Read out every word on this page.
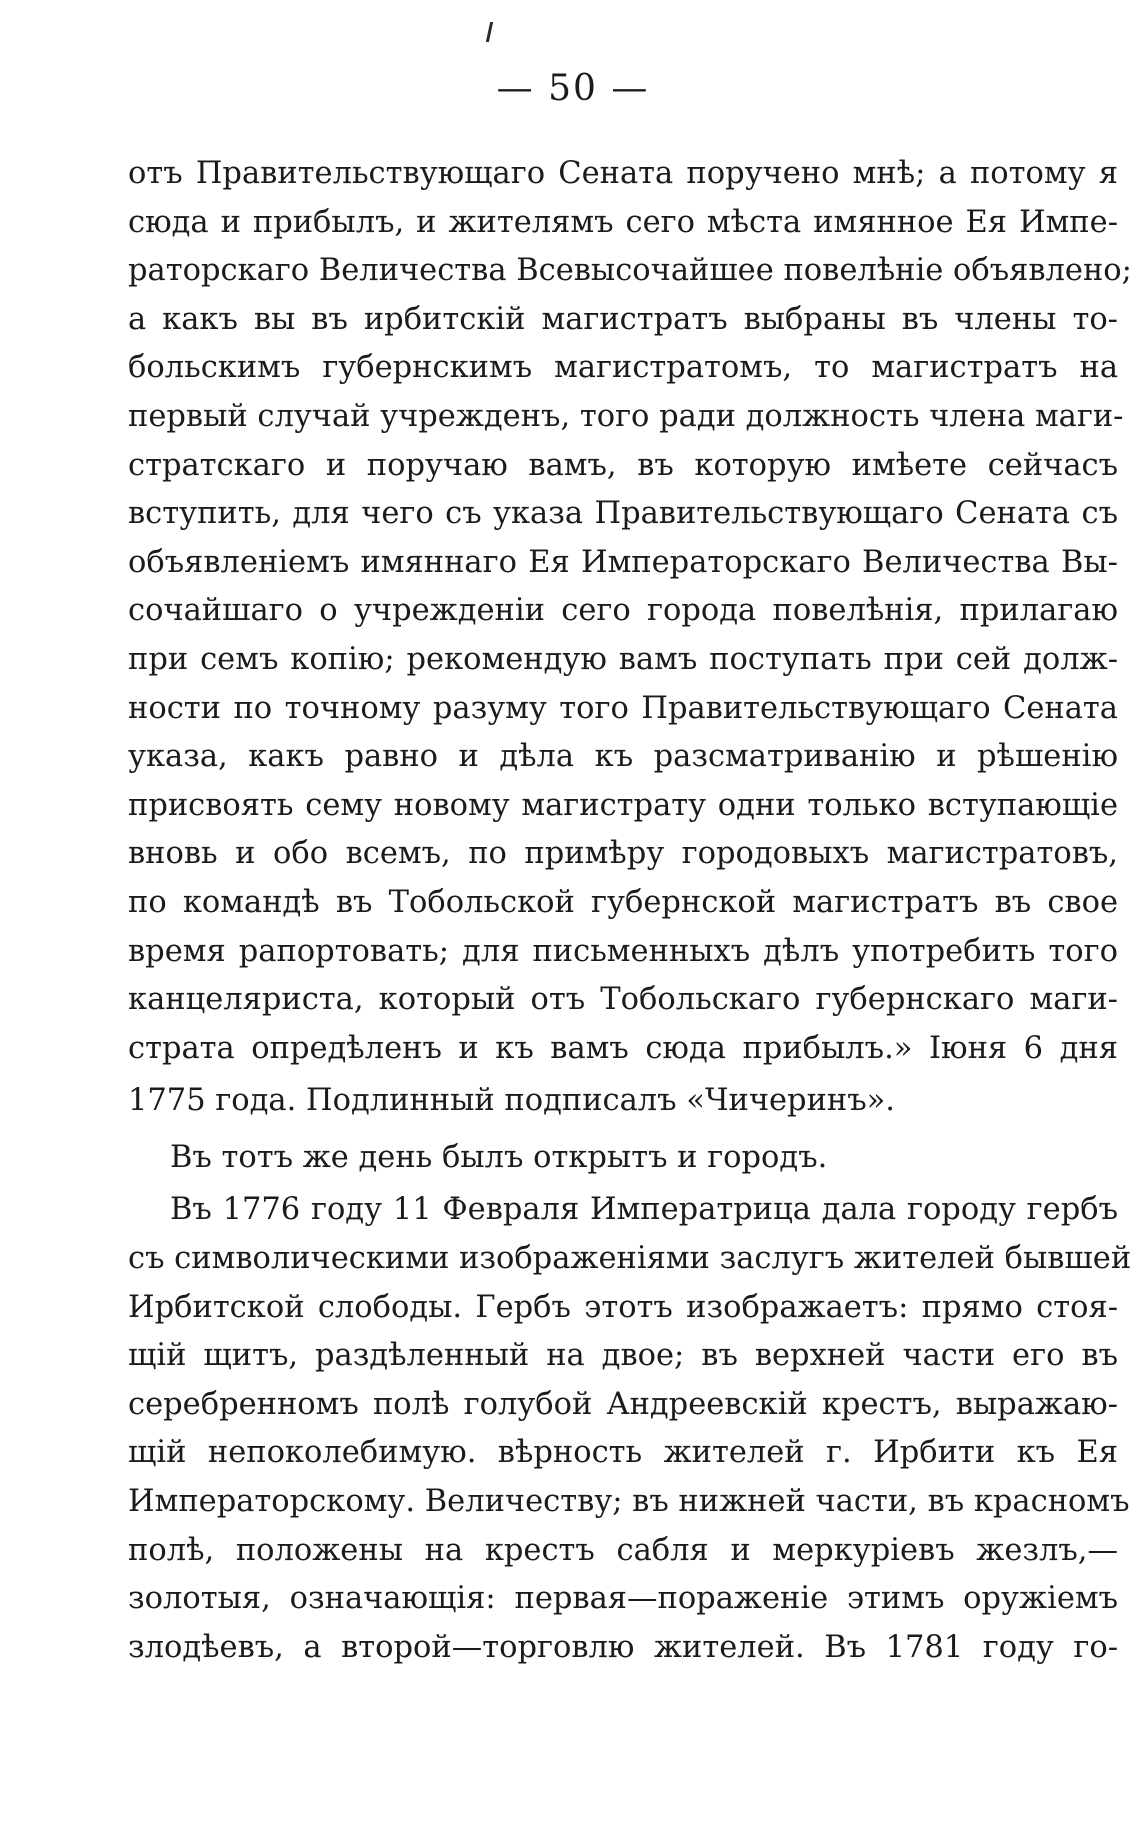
— 50 —
отъ Правительствующаго Сената поручено мнѣ; а потому я
сюда и прибылъ, и жителямъ сего мѣста имянное Ея Импе-
раторскаго Величества Всевысочайшее повелѣніе объявлено;
а какъ вы въ ирбитскій магистратъ выбраны въ члены то-
больскимъ губернскимъ магистратомъ, то магистратъ на
первый случай учрежденъ, того ради должность члена маги-
стратскаго и поручаю вамъ, въ которую имѣете сейчасъ
вступить, для чего съ указа Правительствующаго Сената съ
объявленіемъ имяннаго Ея Императорскаго Величества Вы-
сочайшаго о учрежденіи сего города повелѣнія, прилагаю
при семъ копію; рекомендую вамъ поступать при сей долж-
ности по точному разуму того Правительствующаго Сената
указа, какъ равно и дѣла къ разсматриванію и рѣшенію
присвоять сему новому магистрату одни только вступающіе
вновь и обо всемъ, по примѣру городовыхъ магистратовъ,
по командѣ въ Тобольской губернской магистратъ въ свое
время рапортовать; для письменныхъ дѣлъ употребить того
канцеляриста, который отъ Тобольскаго губернскаго маги-
страта опредѣленъ и къ вамъ сюда прибылъ.» Іюня 6 дня
1775 года. Подлинный подписалъ «Чичеринъ».
Въ тотъ же день былъ открытъ и городъ.
Въ 1776 году 11 Февраля Императрица дала городу гербъ
съ символическими изображеніями заслугъ жителей бывшей
Ирбитской слободы. Гербъ этотъ изображаетъ: прямо стоя-
щій щитъ, раздѣленный на двое; въ верхней части его въ
серебренномъ полѣ голубой Андреевскій крестъ, выражаю-
щій непоколебимую. вѣрность жителей г. Ирбити къ Ея
Императорскому. Величеству; въ нижней части, въ красномъ
полѣ, положены на крестъ сабля и меркуріевъ жезлъ,—
золотыя, означающія: первая—пораженіе этимъ оружіемъ
злодѣевъ, а второй—торговлю жителей. Въ 1781 году го-
